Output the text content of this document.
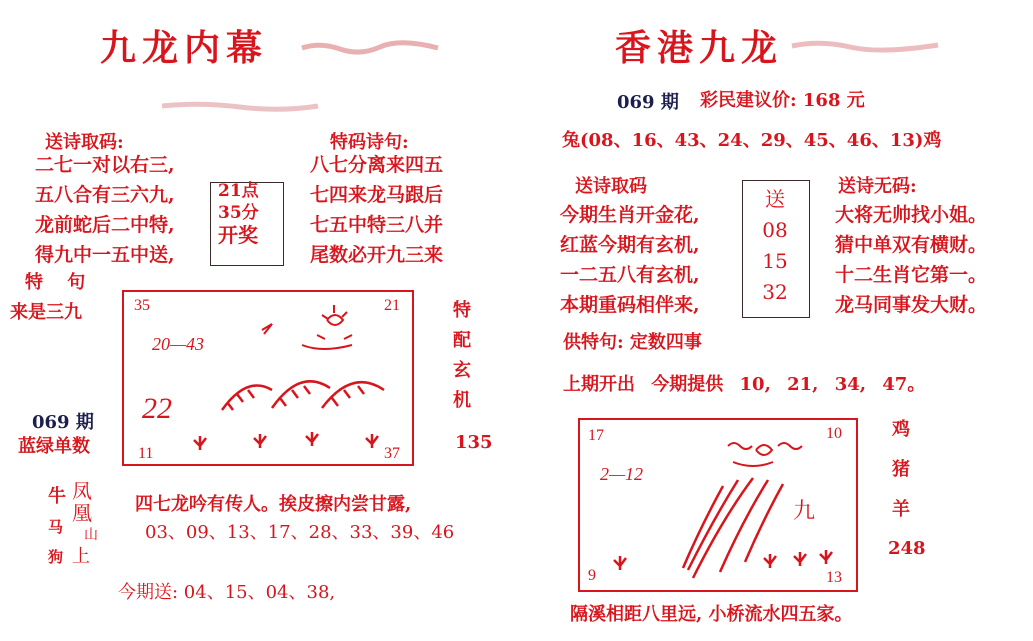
九龙内幕
送诗取码:	特码诗句:
二七一对以右三,
五八合有三六九,
龙前蛇后二中特,
得九中一五中送,
21点
35分
开奖
八七分离来四五
七四来龙马跟后
七五中特三八并
尾数必开九三来
特 句
来是三九	35	21
20—43
22
11	37
特
配
玄
机
069 期
蓝绿单数	135
牛
马
狗
凤
凰
山
上
四七龙吟有传人。挨皮擦内尝甘露,
03、09、13、17、28、33、39、46
今期送: 04、15、04、38,
香港九龙
069 期 彩民建议价: 168 元
兔(08、16、43、24、29、45、46、13)鸡
送诗取码	送诗无码:
今期生肖开金花,
红蓝今期有玄机,
一二五八有玄机,
本期重码相伴来,
送
08
15
32
大将无帅找小姐。
猜中单双有横财。
十二生肖它第一。
龙马同事发大财。
供特句: 定数四事
上期开出 今期提供 10, 21, 34, 47。
17	10
2—12
九
9	13
鸡
猪
羊
248
隔溪相距八里远, 小桥流水四五家。
